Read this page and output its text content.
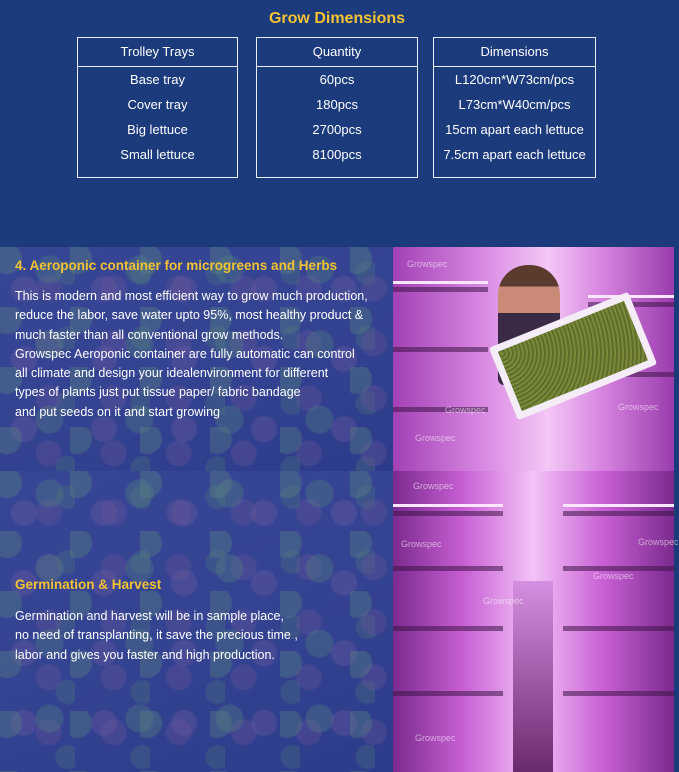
Grow Dimensions
Trolley Trays
Base tray
Cover tray
Big lettuce
Small lettuce
Quantity
60pcs
180pcs
2700pcs
8100pcs
Dimensions
L120cm*W73cm/pcs
L73cm*W40cm/pcs
15cm apart each lettuce
7.5cm apart each lettuce
4. Aeroponic container for microgreens and Herbs

This is modern and most efficient way to grow much production,
reduce the labor, save water upto 95%, most healthy product &
much faster than all conventional grow methods.
Growspec Aeroponic container are fully automatic can control
all climate and design your idealenvironment for different
types of plants just put tissue paper/ fabric bandage
and put seeds on it and start growing

Growspec
Growspec	Growspec
Growspec
Germination & Harvest

Germination and harvest will be in sample place,
no need of transplanting, it save the precious time ,
labor and gives you faster and high production.

Growspec
Growspec
Growspec
Growspec
Growspec
Growspec
